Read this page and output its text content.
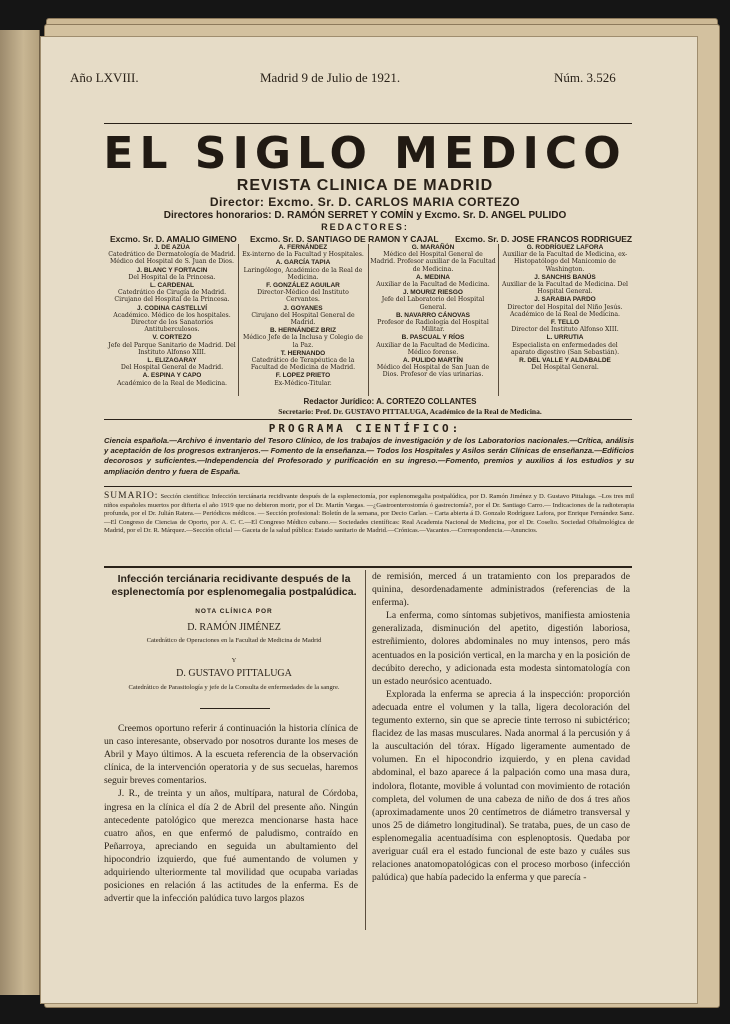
Año LXVIII.	Madrid 9 de Julio de 1921.	Núm. 3.526
EL SIGLO MEDICO
REVISTA CLINICA DE MADRID
Director: Excmo. Sr. D. CARLOS MARIA CORTEZO
Directores honorarios: D. RAMÓN SERRET Y COMÍN y Excmo. Sr. D. ANGEL PULIDO
REDACTORES:
Excmo. Sr. D. AMALIO GIMENO Excmo. Sr. D. SANTIAGO DE RAMON Y CAJAL Excmo. Sr. D. JOSE FRANCOS RODRIGUEZ
J. DE AZÚA
Catedrático de Dermatología de Madrid. Médico del Hospital de S. Juan de Dios.
J. BLANC Y FORTACIN
Del Hospital de la Princesa.
L. CARDENAL
Catedrático de Cirugía de Madrid. Cirujano del Hospital de la Princesa.
J. CODINA CASTELLVÍ
Académico. Médico de los hospitales. Director de los Sanatorios Antituberculosos.
V. CORTEZO
Jefe del Parque Sanitario de Madrid. Del Instituto Alfonso XIII.
L. ELIZAGARAY
Del Hospital General de Madrid.
A. ESPINA Y CAPO
Académico de la Real de Medicina.
A. FERNÁNDEZ
Ex-interno de la Facultad y Hospitales.
A. GARCÍA TAPIA
Laringólogo, Académico de la Real de Medicina.
F. GONZÁLEZ AGUILAR
Director-Médico del Instituto Cervantes.
J. GOYANES
Cirujano del Hospital General de Madrid.
B. HERNÁNDEZ BRIZ
Médico Jefe de la Inclusa y Colegio de la Paz.
T. HERNANDO
Catedrático de Terapéutica de la Facultad de Medicina de Madrid.
F. LOPEZ PRIETO
Ex-Médico-Titular.
G. MARAÑÓN
Médico del Hospital General de Madrid. Profesor auxiliar de la Facultad de Medicina.
A. MEDINA
Auxiliar de la Facultad de Medicina.
J. MOURIZ RIESGO
Jefe del Laboratorio del Hospital General.
B. NAVARRO CÁNOVAS
Profesor de Radiología del Hospital Militar.
B. PASCUAL Y RÍOS
Auxiliar de la Facultad de Medicina. Médico forense.
A. PULIDO MARTÍN
Médico del Hospital de San Juan de Dios. Profesor de vías urinarias.
G. RODRÍGUEZ LAFORA
Auxiliar de la Facultad de Medicina, ex-Histopatólogo del Manicomio de Washington.
J. SANCHIS BANÚS
Auxiliar de la Facultad de Medicina. Del Hospital General.
J. SARABIA PARDO
Director del Hospital del Niño Jesús. Académico de la Real de Medicina.
F. TELLO
Director del Instituto Alfonso XIII.
L. URRUTIA
Especialista en enfermedades del aparato digestivo (San Sebastián).
R. DEL VALLE Y ALDABALDE
Del Hospital General.
Redactor Jurídico: A. CORTEZO COLLANTES
Secretario: Prof. Dr. GUSTAVO PITTALUGA, Académico de la Real de Medicina.
PROGRAMA CIENTÍFICO:
Ciencia española.—Archivo é inventario del Tesoro Clínico, de los trabajos de investigación y de los Laboratorios nacionales.—Crítica, análisis y aceptación de los progresos extranjeros.— Fomento de la enseñanza.— Todos los Hospitales y Asilos serán Clínicas de enseñanza.—Edificios decorosos y suficientes.—Independencia del Profesorado y purificación en su ingreso.—Fomento, premios y auxilios á los estudios y su ampliación dentro y fuera de España.
SUMARIO: Sección científica: Infección terciánaria recidivante después de la esplenectomía, por esplenomegalia postpalúdica, por D. Ramón Jiménez y D. Gustavo Pittaluga. –Los tres mil niños españoles muertos por difteria el año 1919 que no debieron morir, por el Dr. Martín Vargas. —¿Gastroenterostomía ó gastrectomía?, por el Dr. Santiago Carro.— Indicaciones de la radioterapia profunda, por el Dr. Julián Ratera.— Periódicos médicos. — Sección profesional: Boletín de la semana, por Decio Carlan. – Carta abierta á D. Gonzalo Rodríguez Lafora, por Enrique Fernández Sanz.—El Congreso de Ciencias de Oporto, por A. C. C.—El Congreso Médico cubano.— Sociedades científicas: Real Academia Nacional de Medicina, por el Dr. Coselio. Sociedad Oftalmológica de Madrid, por el Dr. R. Márquez.—Sección oficial — Gaceta de la salud pública: Estado sanitario de Madrid.—Crónicas.—Vacantes.—Correspondencia.—Anuncios.
Infección terciánaria recidivante después de la esplenectomía por esplenomegalia postpalúdica.
NOTA CLÍNICA POR
D. RAMÓN JIMÉNEZ
Catedrático de Operaciones en la Facultad de Medicina de Madrid
Y
D. GUSTAVO PITTALUGA
Catedrático de Parasitología y jefe de la Consulta de enfermedades de la sangre.

Creemos oportuno referir á continuación la historia clínica de un caso interesante, observado por nosotros durante los meses de Abril y Mayo últimos. A la escueta referencia de la observación clínica, de la intervención operatoria y de sus secuelas, haremos seguir breves comentarios.

J. R., de treinta y un años, multípara, natural de Córdoba, ingresa en la clínica el día 2 de Abril del presente año. Ningún antecedente patológico que merezca mencionarse hasta hace cuatro años, en que enfermó de paludismo, contraído en Peñarroya, apreciando en seguida un abultamiento del hipocondrio izquierdo, que fué aumentando de volumen y adquiriendo ulteriormente tal movilidad que ocupaba variadas posiciones en relación á las actitudes de la enferma. Es de advertir que la infección palúdica tuvo largos plazos

de remisión, merced á un tratamiento con los preparados de quinina, desordenadamente administrados (referencias de la enferma).

La enferma, como síntomas subjetivos, manifiesta amiostenia generalizada, disminución del apetito, digestión laboriosa, estreñimiento, dolores abdominales no muy intensos, pero más acentuados en la posición vertical, en la marcha y en la posición de decúbito derecho, y adicionada esta modesta sintomatología con un estado neurósico acentuado.

Explorada la enferma se aprecia á la inspección: proporción adecuada entre el volumen y la talla, ligera decoloración del tegumento externo, sin que se aprecie tinte terroso ni subictérico; flacidez de las masas musculares. Nada anormal á la percusión y á la auscultación del tórax. Hígado ligeramente aumentado de volumen. En el hipocondrio izquierdo, y en plena cavidad abdominal, el bazo aparece á la palpación como una masa dura, indolora, flotante, movible á voluntad con movimiento de rotación completa, del volumen de una cabeza de niño de dos á tres años (aproximadamente unos 20 centímetros de diámetro transversal y unos 25 de diámetro longitudinal). Se trataba, pues, de un caso de esplenomegalia acentuadísima con esplenoptosis. Quedaba por averiguar cuál era el estado funcional de este bazo y cuáles sus relaciones anatomopatológicas con el proceso morboso (infección palúdica) que había padecido la enferma y que parecía -
